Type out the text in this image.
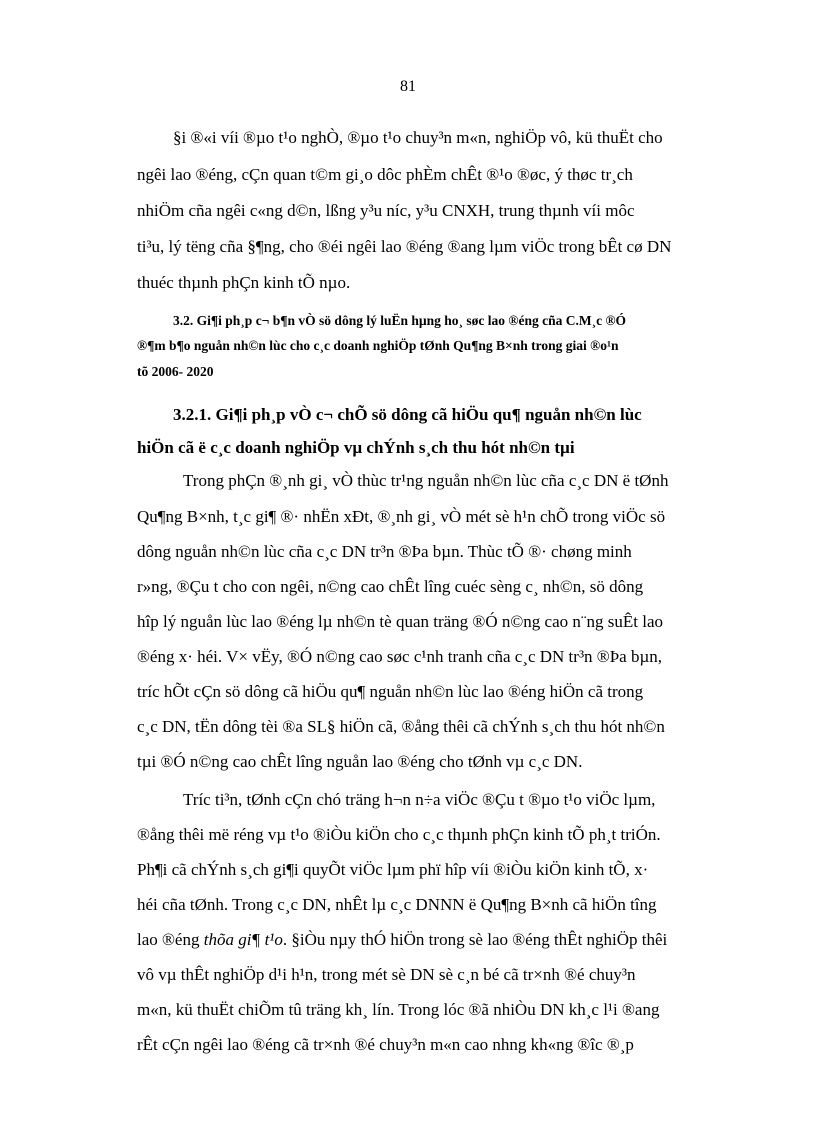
81
§i ®«i víi ®µo t¹o nghÒ, ®µo t¹o chuy³n m«n, nghiÖp vô, kü thuËt cho
ngêi lao ®éng, cÇn quan t©m gi¸o dôc phÈm chÊt ®¹o ®øc, ý thøc tr¸ch
nhiÖm cña ngêi c«ng d©n, lßng y³u níc, y³u CNXH, trung thµnh víi môc
ti³u, lý tëng cña §¶ng, cho ®éi ngêi lao ®éng ®ang lµm viÖc trong bÊt cø DN
thuéc thµnh phÇn kinh tÕ nµo.
3.2. Gi¶i ph¸p c¬ b¶n vÒ sö dông lý luËn hµng ho¸ søc lao ®éng cña C.M¸c ®Ó
®¶m b¶o nguån nh©n lùc cho c¸c doanh nghiÖp tØnh Qu¶ng B×nh trong giai ®o¹n
tõ 2006- 2020
3.2.1. Gi¶i ph¸p vÒ c¬ chÕ sö dông cã hiÖu qu¶ nguån nh©n lùc
hiÖn cã ë c¸c doanh nghiÖp vµ chÝnh s¸ch thu hót nh©n tµi
Trong phÇn ®¸nh gi¸ vÒ thùc tr¹ng nguån nh©n lùc cña c¸c DN ë tØnh
Qu¶ng B×nh, t¸c gi¶ ®· nhËn xÐt, ®¸nh gi¸ vÒ mét sè h¹n chÕ trong viÖc sö
dông nguån nh©n lùc cña c¸c DN tr³n ®Þa bµn. Thùc tÕ ®· chøng minh
r»ng, ®Çu t cho con ngêi, n©ng cao chÊt lîng cuéc sèng c¸ nh©n, sö dông
hîp lý nguån lùc lao ®éng lµ nh©n tè quan träng ®Ó n©ng cao n¨ng suÊt lao
®éng x· héi. V× vËy, ®Ó n©ng cao søc c¹nh tranh cña c¸c DN tr³n ®Þa bµn,
tríc hÕt cÇn sö dông cã hiÖu qu¶ nguån nh©n lùc lao ®éng hiÖn cã trong
c¸c DN, tËn dông tèi ®a SL§ hiÖn cã, ®ång thêi cã chÝnh s¸ch thu hót nh©n
tµi ®Ó n©ng cao chÊt lîng nguån lao ®éng cho tØnh vµ c¸c DN.
Tríc ti³n, tØnh cÇn chó träng h¬n n÷a viÖc ®Çu t ®µo t¹o viÖc lµm,
®ång thêi më réng vµ t¹o ®iÒu kiÖn cho c¸c thµnh phÇn kinh tÕ ph¸t triÓn.
Ph¶i cã chÝnh s¸ch gi¶i quyÕt viÖc lµm phï hîp víi ®iÒu kiÖn kinh tÕ, x·
héi cña tØnh. Trong c¸c DN, nhÊt lµ c¸c DNNN ë Qu¶ng B×nh cã hiÖn tîng
lao ®éng thõa gi¶ t¹o. §iÒu nµy thÓ hiÖn trong sè lao ®éng thÊt nghiÖp thêi
vô vµ thÊt nghiÖp d¹i h¹n, trong mét sè DN sè c¸n bé cã tr×nh ®é chuy³n
m«n, kü thuËt chiÕm tû träng kh¸ lín. Trong lóc ®ã nhiÒu DN kh¸c l¹i ®ang
rÊt cÇn ngêi lao ®éng cã tr×nh ®é chuy³n m«n cao nhng kh«ng ®îc ®¸p
